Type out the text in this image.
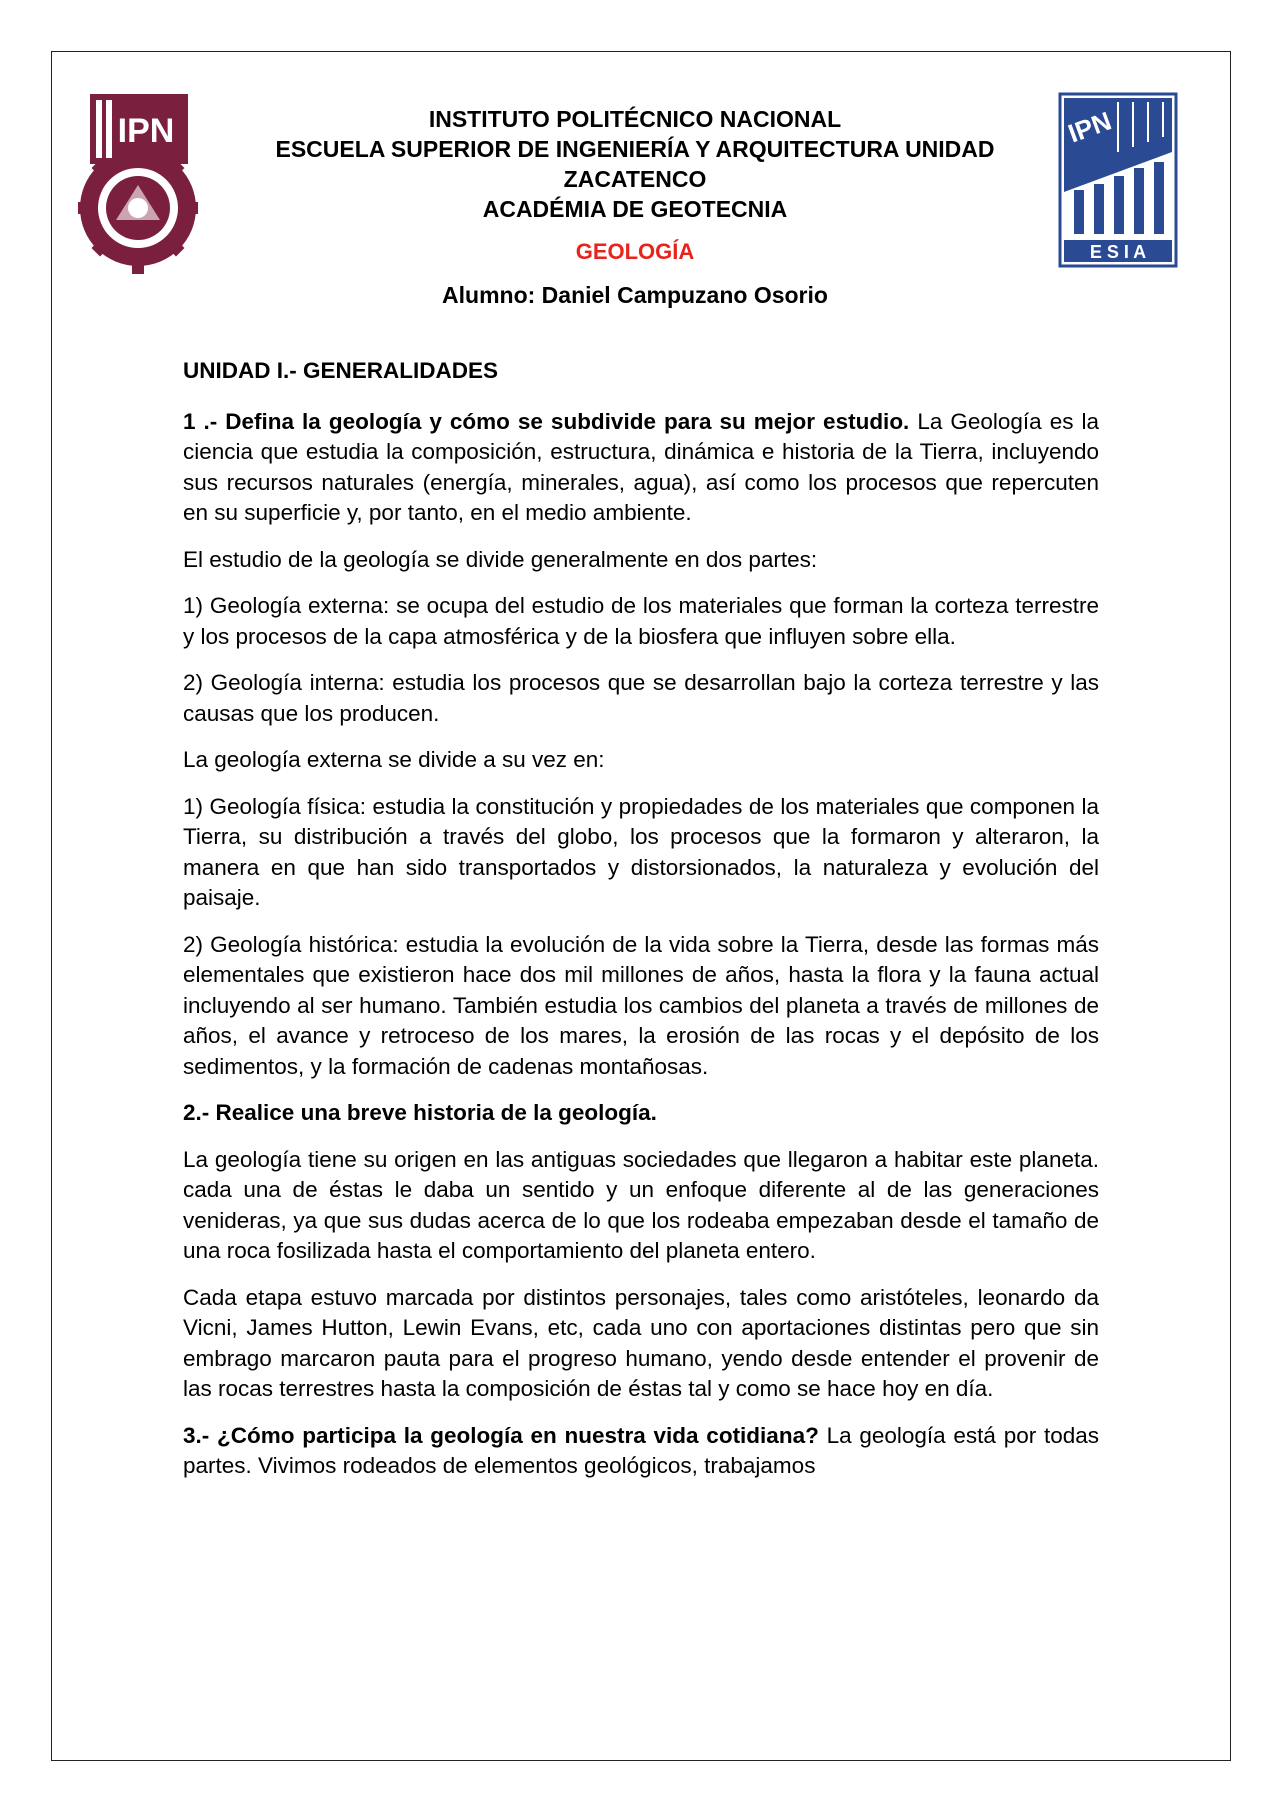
IPN	INSTITUTO POLITÉCNICO NACIONAL
ESCUELA SUPERIOR DE INGENIERÍA Y ARQUITECTURA UNIDAD
ZACATENCO
ACADÉMIA DE GEOTECNIA
GEOLOGÍA
Alumno: Daniel Campuzano Osorio
IPN
E S I A

UNIDAD I.- GENERALIDADES

1 .- Defina la geología y cómo se subdivide para su mejor estudio. La Geología es la ciencia que estudia la composición, estructura, dinámica e historia de la Tierra, incluyendo sus recursos naturales (energía, minerales, agua), así como los procesos que repercuten en su superficie y, por tanto, en el medio ambiente.

El estudio de la geología se divide generalmente en dos partes:

1) Geología externa: se ocupa del estudio de los materiales que forman la corteza terrestre y los procesos de la capa atmosférica y de la biosfera que influyen sobre ella.

2) Geología interna: estudia los procesos que se desarrollan bajo la corteza terrestre y las causas que los producen.

La geología externa se divide a su vez en:

1) Geología física: estudia la constitución y propiedades de los materiales que componen la Tierra, su distribución a través del globo, los procesos que la formaron y alteraron, la manera en que han sido transportados y distorsionados, la naturaleza y evolución del paisaje.

2) Geología histórica: estudia la evolución de la vida sobre la Tierra, desde las formas más elementales que existieron hace dos mil millones de años, hasta la flora y la fauna actual incluyendo al ser humano. También estudia los cambios del planeta a través de millones de años, el avance y retroceso de los mares, la erosión de las rocas y el depósito de los sedimentos, y la formación de cadenas montañosas.

2.- Realice una breve historia de la geología.

La geología tiene su origen en las antiguas sociedades que llegaron a habitar este planeta. cada una de éstas le daba un sentido y un enfoque diferente al de las generaciones venideras, ya que sus dudas acerca de lo que los rodeaba empezaban desde el tamaño de una roca fosilizada hasta el comportamiento del planeta entero.

Cada etapa estuvo marcada por distintos personajes, tales como aristóteles, leonardo da Vicni, James Hutton, Lewin Evans, etc, cada uno con aportaciones distintas pero que sin embrago marcaron pauta para el progreso humano, yendo desde entender el provenir de las rocas terrestres hasta la composición de éstas tal y como se hace hoy en día.

3.- ¿Cómo participa la geología en nuestra vida cotidiana? La geología está por todas partes. Vivimos rodeados de elementos geológicos, trabajamos
